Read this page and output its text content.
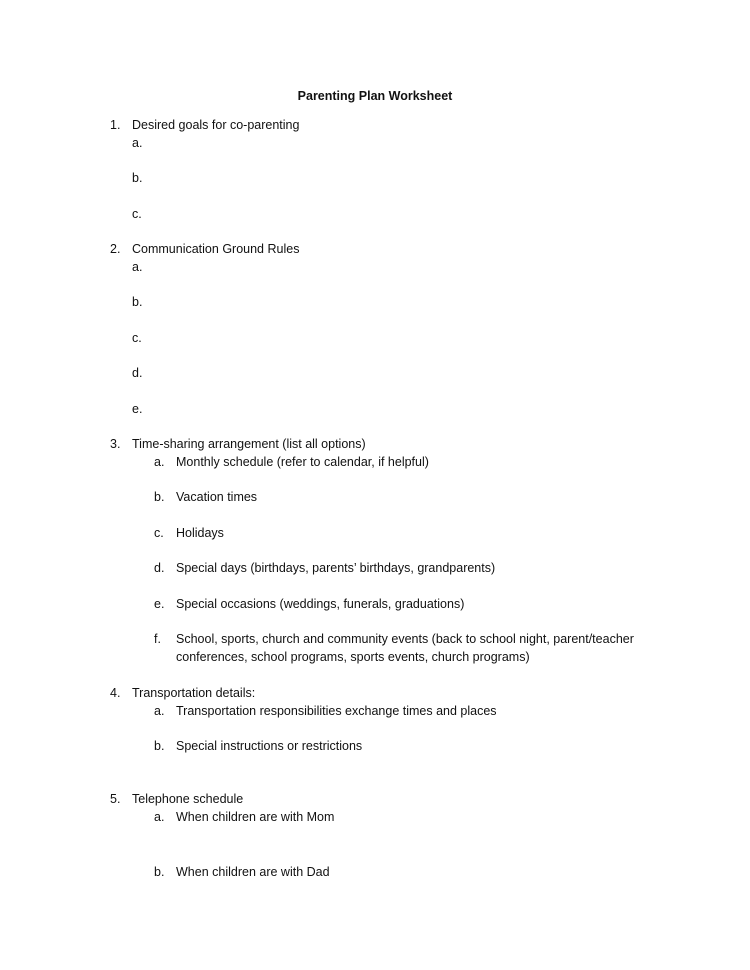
Parenting Plan Worksheet
1. Desired goals for co-parenting
a.
b.
c.
2. Communication Ground Rules
a.
b.
c.
d.
e.
3. Time-sharing arrangement (list all options)
a. Monthly schedule (refer to calendar, if helpful)
b. Vacation times
c. Holidays
d. Special days (birthdays, parents’ birthdays, grandparents)
e. Special occasions (weddings, funerals, graduations)
f. School, sports, church and community events (back to school night, parent/teacher
conferences, school programs, sports events, church programs)
4. Transportation details:
a. Transportation responsibilities exchange times and places
b. Special instructions or restrictions
5. Telephone schedule
a. When children are with Mom
b. When children are with Dad
